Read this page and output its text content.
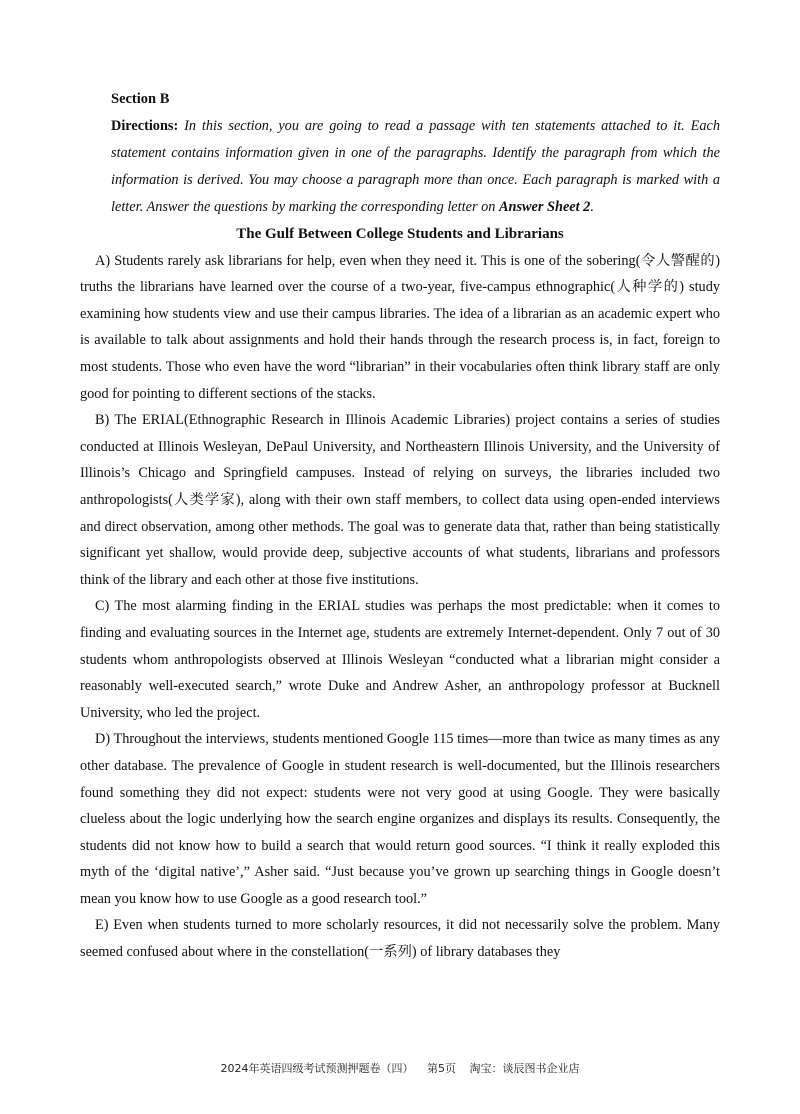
Section B
Directions: In this section, you are going to read a passage with ten statements attached to it. Each statement contains information given in one of the paragraphs. Identify the paragraph from which the information is derived. You may choose a paragraph more than once. Each paragraph is marked with a letter. Answer the questions by marking the corresponding letter on Answer Sheet 2.
The Gulf Between College Students and Librarians

A) Students rarely ask librarians for help, even when they need it. This is one of the sobering(令人警醒的) truths the librarians have learned over the course of a two-year, five-campus ethnographic(人种学的) study examining how students view and use their campus libraries. The idea of a librarian as an academic expert who is available to talk about assignments and hold their hands through the research process is, in fact, foreign to most students. Those who even have the word “librarian” in their vocabularies often think library staff are only good for pointing to different sections of the stacks.

B) The ERIAL(Ethnographic Research in Illinois Academic Libraries) project contains a series of studies conducted at Illinois Wesleyan, DePaul University, and Northeastern Illinois University, and the University of Illinois’s Chicago and Springfield campuses. Instead of relying on surveys, the libraries included two anthropologists(人类学家), along with their own staff members, to collect data using open-ended interviews and direct observation, among other methods. The goal was to generate data that, rather than being statistically significant yet shallow, would provide deep, subjective accounts of what students, librarians and professors think of the library and each other at those five institutions.

C) The most alarming finding in the ERIAL studies was perhaps the most predictable: when it comes to finding and evaluating sources in the Internet age, students are extremely Internet-dependent. Only 7 out of 30 students whom anthropologists observed at Illinois Wesleyan “conducted what a librarian might consider a reasonably well-executed search,” wrote Duke and Andrew Asher, an anthropology professor at Bucknell University, who led the project.

D) Throughout the interviews, students mentioned Google 115 times—more than twice as many times as any other database. The prevalence of Google in student research is well-documented, but the Illinois researchers found something they did not expect: students were not very good at using Google. They were basically clueless about the logic underlying how the search engine organizes and displays its results. Consequently, the students did not know how to build a search that would return good sources. “I think it really exploded this myth of the ‘digital native’,” Asher said. “Just because you’ve grown up searching things in Google doesn’t mean you know how to use Google as a good research tool.”

E) Even when students turned to more scholarly resources, it did not necessarily solve the problem. Many seemed confused about where in the constellation(一系列) of library databases they

2024年英语四级考试预测押题卷（四） 第5页 淘宝：谈辰图书企业店
